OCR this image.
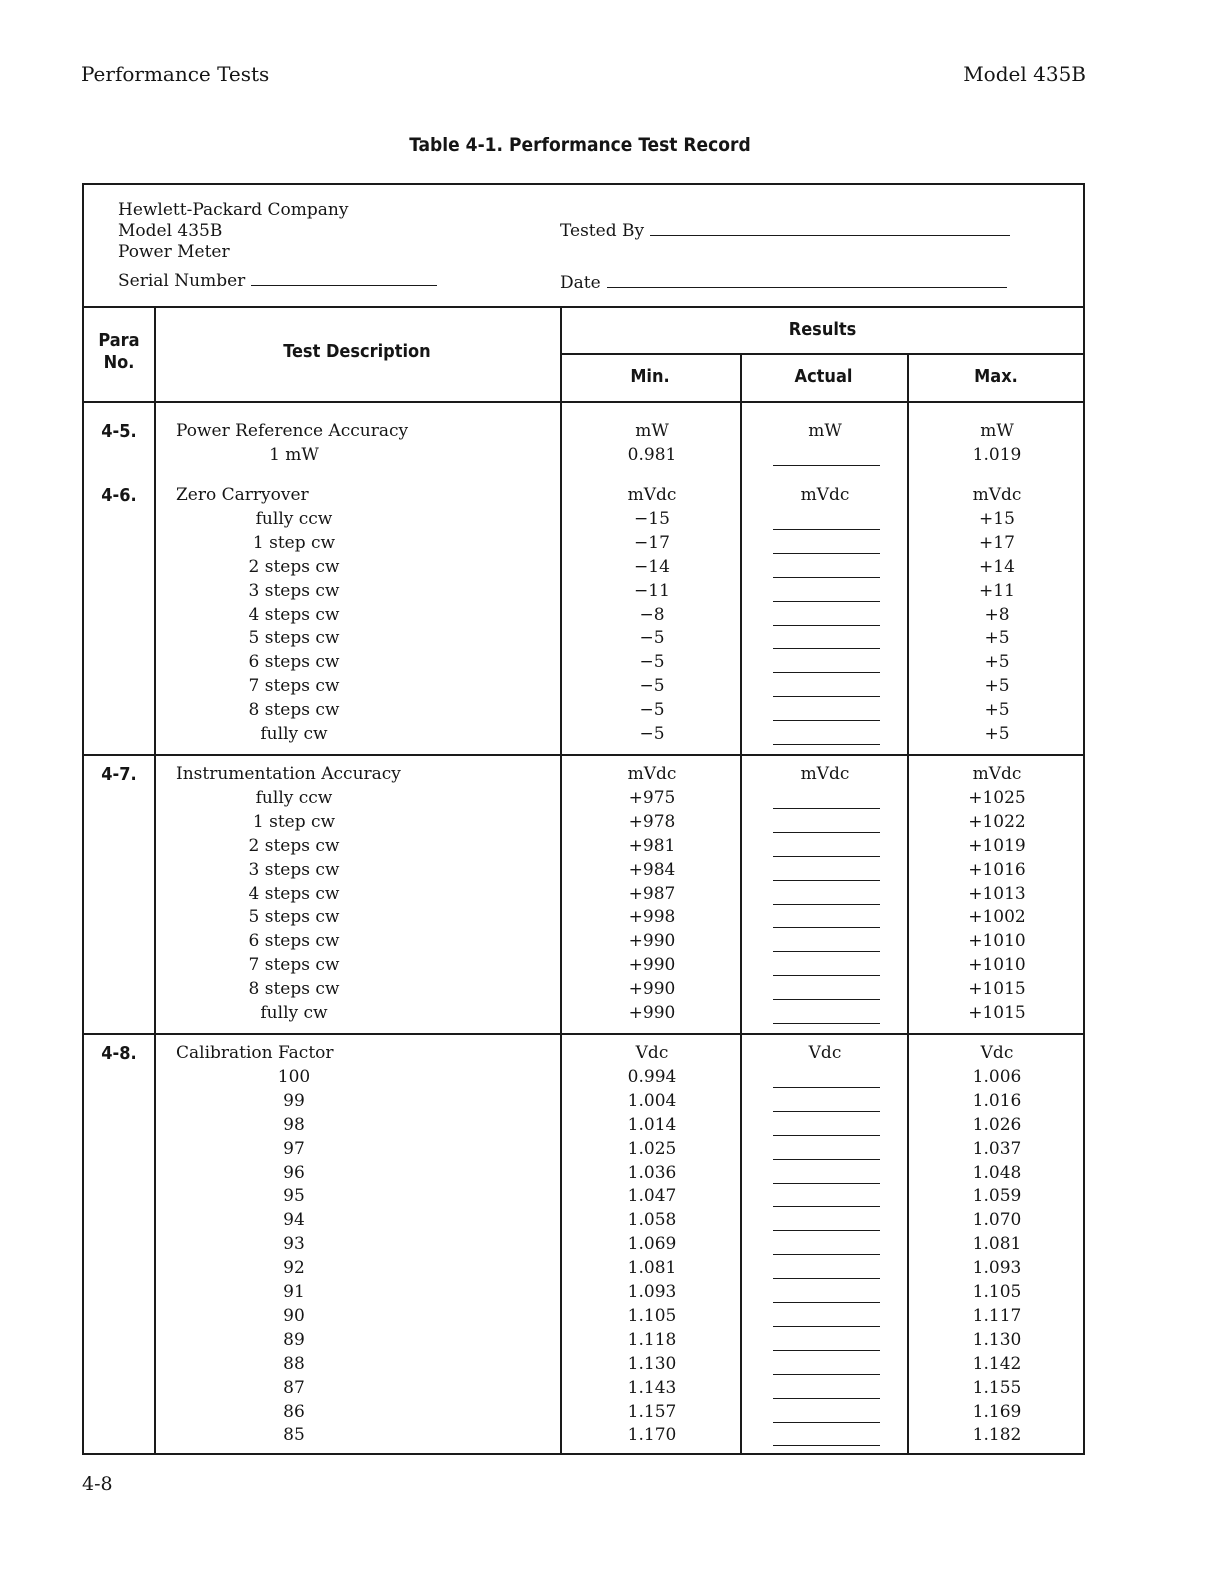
Performance Tests	Model 435B
Table 4-1. Performance Test Record
Hewlett-Packard Company
Model 435B
Power Meter
Serial Number
Tested By
Date
Para
No.
Test Description
Results
Min.	Actual	Max.
4-5.	Power Reference Accuracy	mW	mW	mW
1 mW	0.981	1.019
4-6.	Zero Carryover	mVdc	mVdc	mVdc
fully ccw	−15	+15
1 step cw	−17	+17
2 steps cw	−14	+14
3 steps cw	−11	+11
4 steps cw	−8	+8
5 steps cw	−5	+5
6 steps cw	−5	+5
7 steps cw	−5	+5
8 steps cw	−5	+5
fully cw	−5	+5
4-7.	Instrumentation Accuracy	mVdc	mVdc	mVdc
fully ccw	+975	+1025
1 step cw	+978	+1022
2 steps cw	+981	+1019
3 steps cw	+984	+1016
4 steps cw	+987	+1013
5 steps cw	+998	+1002
6 steps cw	+990	+1010
7 steps cw	+990	+1010
8 steps cw	+990	+1015
fully cw	+990	+1015
4-8.	Calibration Factor	Vdc	Vdc	Vdc
100	0.994	1.006
99	1.004	1.016
98	1.014	1.026
97	1.025	1.037
96	1.036	1.048
95	1.047	1.059
94	1.058	1.070
93	1.069	1.081
92	1.081	1.093
91	1.093	1.105
90	1.105	1.117
89	1.118	1.130
88	1.130	1.142
87	1.143	1.155
86	1.157	1.169
85	1.170	1.182
4-8
